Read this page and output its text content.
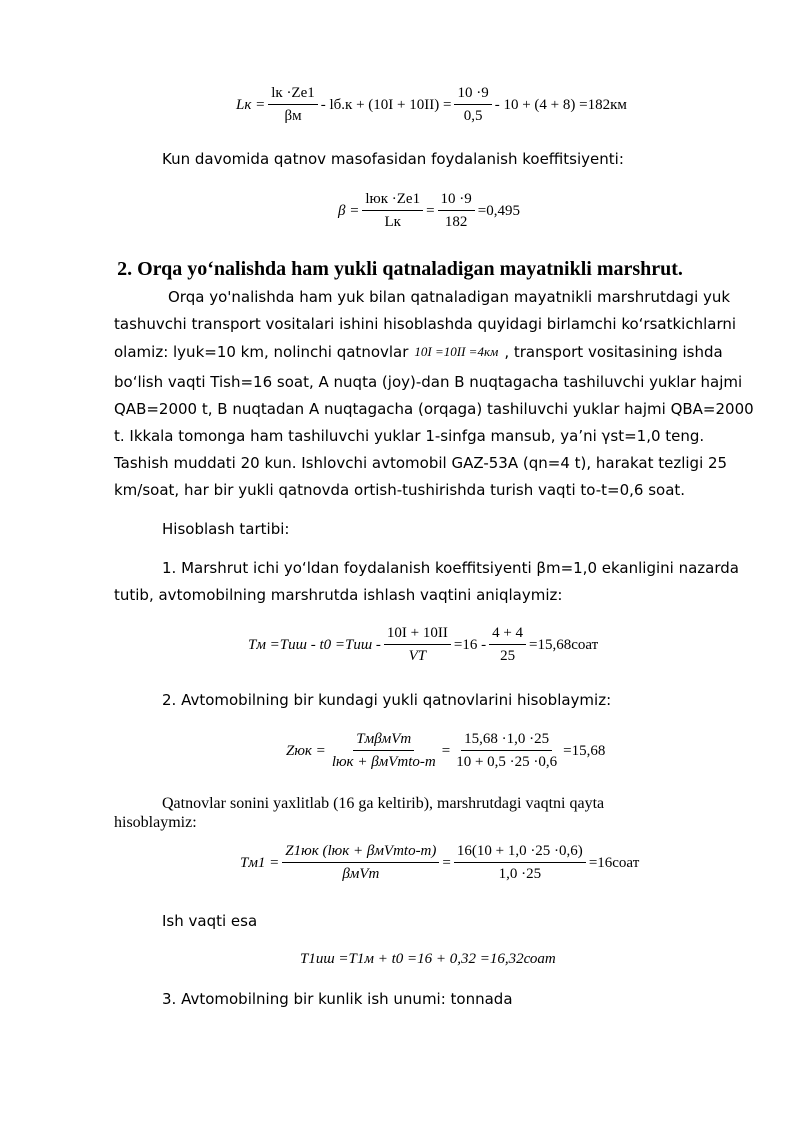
Lк = $\frac{lк \cdot Zе1}{\beta м} - lб.к + (10I + 10II) = \frac{10 \cdot 9}{0,5} - 10 + (4 + 8) =182км$
Kun davomida qatnov masofasidan foydalanish koeffitsiyenti:
$\beta = \frac{\text{lюк ·Zе1}}{Lк} = \frac{10 \cdot 9}{182} =0,495$
2. Orqa yo‘nalishda ham yukli qatnaladigan mayatnikli marshrut.
Orqa yo'nalishda ham yuk bilan qatnaladigan mayatnikli marshrutdagi yuk
tashuvchi transport vositalari ishini hisoblashda quyidagi birlamchi ko‘rsatkichlarni
olamiz: lyuk=10 km, nolinchi qatnovlar 10I =10II =4км , transport vositasining ishda
bo‘lish vaqti Tish=16 soat, A nuqta (joy)-dan B nuqtagacha tashiluvchi yuklar hajmi
QAB=2000 t, B nuqtadan A nuqtagacha (orqaga) tashiluvchi yuklar hajmi QBA=2000
t. Ikkala tomonga ham tashiluvchi yuklar 1-sinfga mansub, ya’ni γst=1,0 teng.
Tashish muddati 20 kun. Ishlovchi avtomobil GAZ-53A (qn=4 t), harakat tezligi 25
km/soat, har bir yukli qatnovda ortish-tushirishda turish vaqti to-t=0,6 soat.
Hisoblash tartibi:
1. Marshrut ichi yo‘ldan foydalanish koeffitsiyenti βm=1,0 ekanligini nazarda
tutib, avtomobilning marshrutda ishlash vaqtini aniqlaymiz:
Tм $=Tиш - t0 =Tиш - \frac{10I + 10II}{VT} =16 - \frac{4 + 4}{25}$ =15,68соат
2. Avtomobilning bir kundagi yukli qatnovlarini hisoblaymiz:
Zюк = $\frac{\text{TмβмVт}}{\text{lюк + βмVтtо-т}} = \frac{15,68 \cdot 1,0 \cdot 25}{10 + 0,5 \cdot 25 \cdot 0,6} =15,68$
Qatnovlar sonini yaxlitlab (16 ga keltirib), marshrutdagi vaqtni qayta
hisoblaymiz:
$Tм1 = \frac{\text{Z1юк (lюк + βмVтtо-т)}}{\text{βмVт}} = \frac{16(10 + 1,0 \cdot 25 \cdot 0,6)}{1,0 \cdot 25}$ =16соат
Ish vaqti esa
T1иш =T1м + t0 =16 + 0,32 =16,32соат
3. Avtomobilning bir kunlik ish unumi: tonnada
